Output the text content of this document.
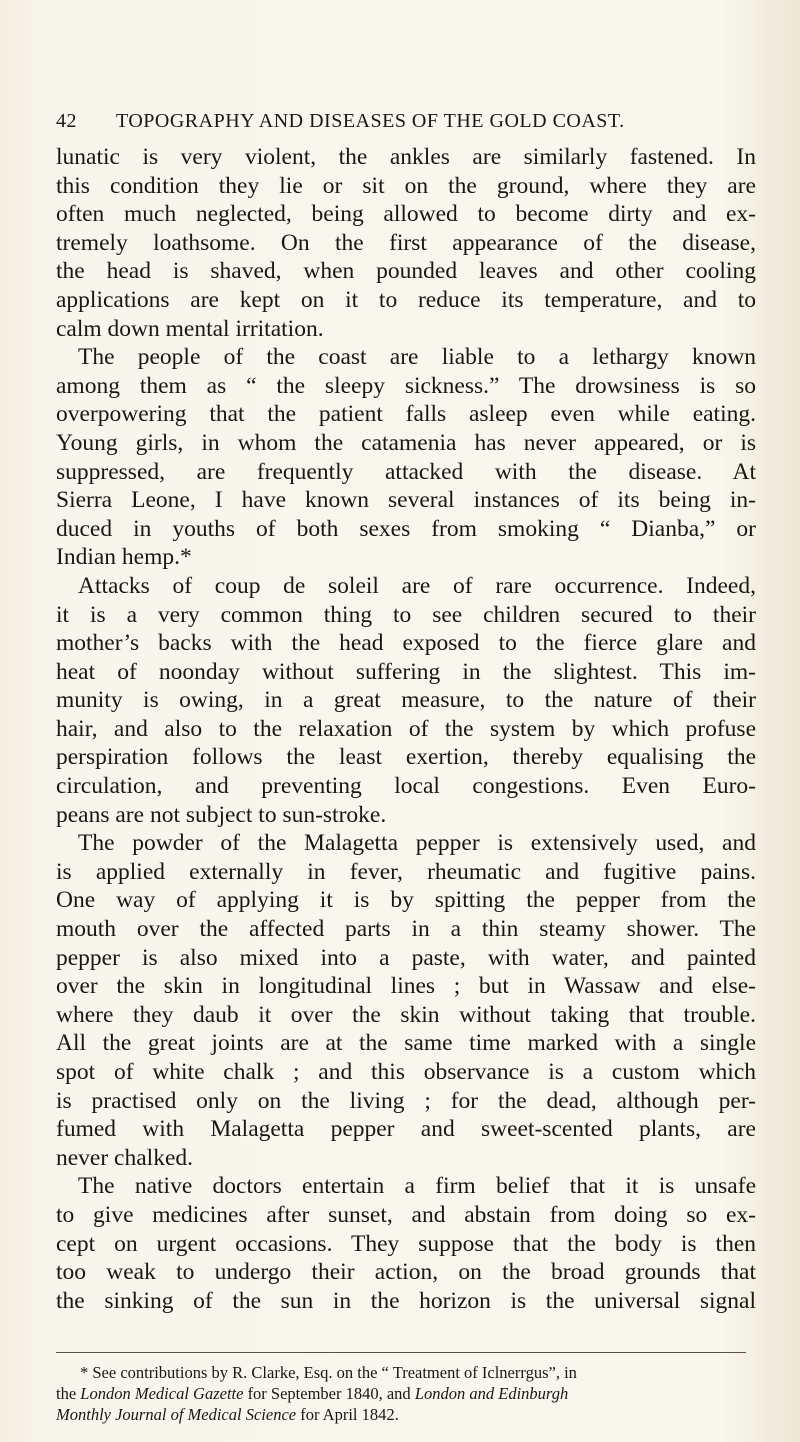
42 TOPOGRAPHY AND DISEASES OF THE GOLD COAST.
lunatic is very violent, the ankles are similarly fastened. In
this condition they lie or sit on the ground, where they are
often much neglected, being allowed to become dirty and ex-
tremely loathsome. On the first appearance of the disease,
the head is shaved, when pounded leaves and other cooling
applications are kept on it to reduce its temperature, and to
calm down mental irritation.
The people of the coast are liable to a lethargy known
among them as “ the sleepy sickness.” The drowsiness is so
overpowering that the patient falls asleep even while eating.
Young girls, in whom the catamenia has never appeared, or is
suppressed, are frequently attacked with the disease. At
Sierra Leone, I have known several instances of its being in-
duced in youths of both sexes from smoking “ Dianba,” or
Indian hemp.*
Attacks of coup de soleil are of rare occurrence. Indeed,
it is a very common thing to see children secured to their
mother’s backs with the head exposed to the fierce glare and
heat of noonday without suffering in the slightest. This im-
munity is owing, in a great measure, to the nature of their
hair, and also to the relaxation of the system by which profuse
perspiration follows the least exertion, thereby equalising the
circulation, and preventing local congestions. Even Euro-
peans are not subject to sun-stroke.
The powder of the Malagetta pepper is extensively used, and
is applied externally in fever, rheumatic and fugitive pains.
One way of applying it is by spitting the pepper from the
mouth over the affected parts in a thin steamy shower. The
pepper is also mixed into a paste, with water, and painted
over the skin in longitudinal lines ; but in Wassaw and else-
where they daub it over the skin without taking that trouble.
All the great joints are at the same time marked with a single
spot of white chalk ; and this observance is a custom which
is practised only on the living ; for the dead, although per-
fumed with Malagetta pepper and sweet-scented plants, are
never chalked.
The native doctors entertain a firm belief that it is unsafe
to give medicines after sunset, and abstain from doing so ex-
cept on urgent occasions. They suppose that the body is then
too weak to undergo their action, on the broad grounds that
the sinking of the sun in the horizon is the universal signal
* See contributions by R. Clarke, Esq. on the “ Treatment of Iclnerrgus”, in
the London Medical Gazette for September 1840, and London and Edinburgh
Monthly Journal of Medical Science for April 1842.
